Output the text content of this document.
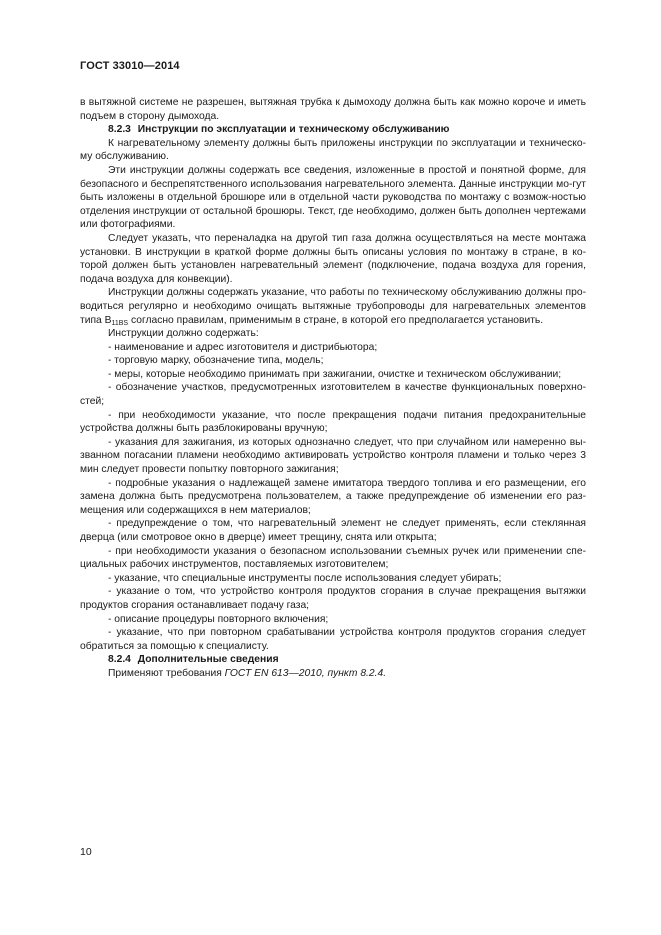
ГОСТ 33010—2014

в вытяжной системе не разрешен, вытяжная трубка к дымоходу должна быть как можно короче и иметь подъем в сторону дымохода.

8.2.3 Инструкции по эксплуатации и техническому обслуживанию

К нагревательному элементу должны быть приложены инструкции по эксплуатации и техническо-му обслуживанию.

Эти инструкции должны содержать все сведения, изложенные в простой и понятной форме, для безопасного и беспрепятственного использования нагревательного элемента. Данные инструкции мо-гут быть изложены в отдельной брошюре или в отдельной части руководства по монтажу с возмож-ностью отделения инструкции от остальной брошюры. Текст, где необходимо, должен быть дополнен чертежами или фотографиями.

Следует указать, что переналадка на другой тип газа должна осуществляться на месте монтажа установки. В инструкции в краткой форме должны быть описаны условия по монтажу в стране, в ко-торой должен быть установлен нагревательный элемент (подключение, подача воздуха для горения, подача воздуха для конвекции).

Инструкции должны содержать указание, что работы по техническому обслуживанию должны про-водиться регулярно и необходимо очищать вытяжные трубопроводы для нагревательных элементов типа $B_{11BS}$ согласно правилам, применимым в стране, в которой его предполагается установить.

Инструкции должно содержать:

- наименование и адрес изготовителя и дистрибьютора;

- торговую марку, обозначение типа, модель;

- меры, которые необходимо принимать при зажигании, очистке и техническом обслуживании;

- обозначение участков, предусмотренных изготовителем в качестве функциональных поверхно-стей;

- при необходимости указание, что после прекращения подачи питания предохранительные устройства должны быть разблокированы вручную;

- указания для зажигания, из которых однозначно следует, что при случайном или намеренно вы-званном погасании пламени необходимо активировать устройство контроля пламени и только через 3 мин следует провести попытку повторного зажигания;

- подробные указания о надлежащей замене имитатора твердого топлива и его размещении, его замена должна быть предусмотрена пользователем, а также предупреждение об изменении его раз-мещения или содержащихся в нем материалов;

- предупреждение о том, что нагревательный элемент не следует применять, если стеклянная дверца (или смотровое окно в дверце) имеет трещину, снята или открыта;

- при необходимости указания о безопасном использовании съемных ручек или применении спе-циальных рабочих инструментов, поставляемых изготовителем;

- указание, что специальные инструменты после использования следует убирать;

- указание о том, что устройство контроля продуктов сгорания в случае прекращения вытяжки продуктов сгорания останавливает подачу газа;

- описание процедуры повторного включения;

- указание, что при повторном срабатывании устройства контроля продуктов сгорания следует обратиться за помощью к специалисту.

8.2.4 Дополнительные сведения

Применяют требования ГОСТ EN 613—2010, пункт 8.2.4.

10
